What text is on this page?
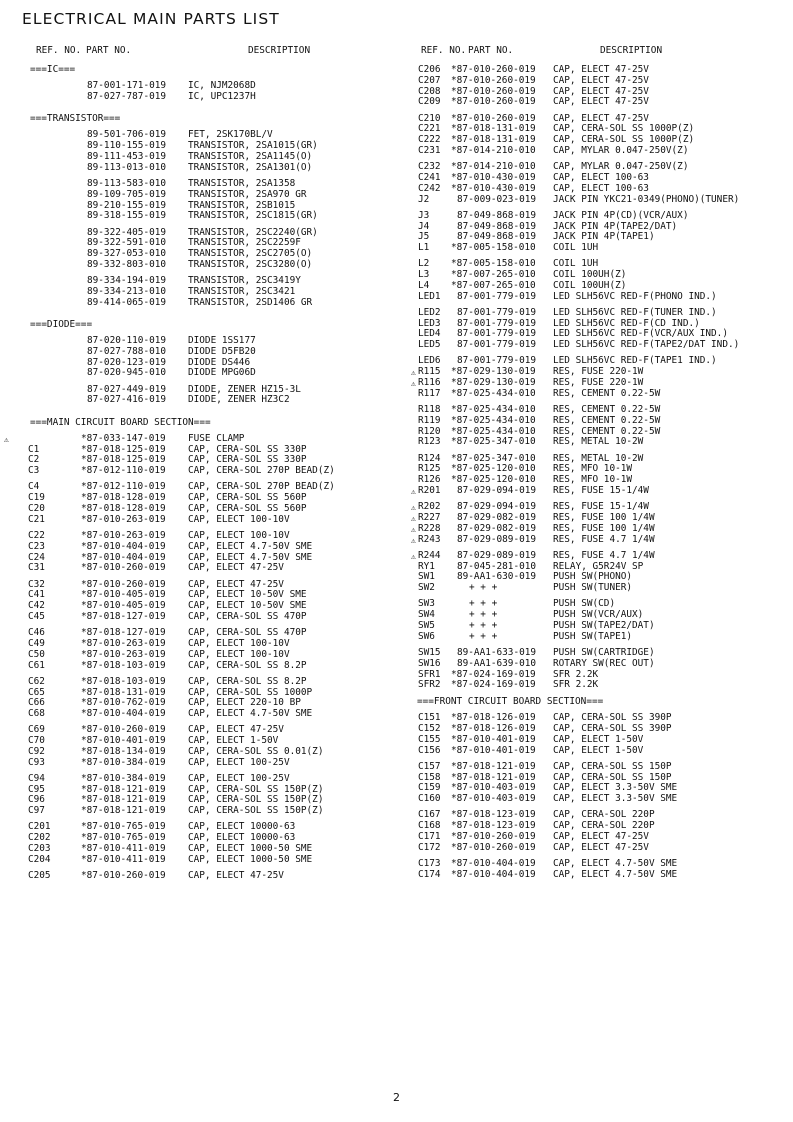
ELECTRICAL MAIN PARTS LIST
REF. NO. PART NO.	DESCRIPTION
===IC===
87-001-171-019 IC, NJM2068D
87-027-787-019 IC, UPC1237H
===TRANSISTOR===
89-501-706-019 FET, 2SK170BL/V
89-110-155-019 TRANSISTOR, 2SA1015(GR)
89-111-453-019 TRANSISTOR, 2SA1145(O)
89-113-013-010 TRANSISTOR, 2SA1301(O)
89-113-583-010 TRANSISTOR, 2SA1358
89-109-705-019 TRANSISTOR, 2SA970 GR
89-210-155-019 TRANSISTOR, 2SB1015
89-318-155-019 TRANSISTOR, 2SC1815(GR)
89-322-405-019 TRANSISTOR, 2SC2240(GR)
89-322-591-010 TRANSISTOR, 2SC2259F
89-327-053-010 TRANSISTOR, 2SC2705(O)
89-332-803-010 TRANSISTOR, 2SC3280(O)
89-334-194-019 TRANSISTOR, 2SC3419Y
89-334-213-010 TRANSISTOR, 2SC3421
89-414-065-019 TRANSISTOR, 2SD1406 GR
===DIODE===
87-020-110-019 DIODE 1SS177
87-027-788-010 DIODE D5FB20
87-020-123-019 DIODE DS446
87-020-945-010 DIODE MPG06D
87-027-449-019 DIODE, ZENER HZ15-3L
87-027-416-019 DIODE, ZENER HZ3C2
===MAIN CIRCUIT BOARD SECTION===
⚠	*87-033-147-019 FUSE CLAMP
C1	*87-018-125-019 CAP, CERA-SOL SS 330P
C2	*87-018-125-019 CAP, CERA-SOL SS 330P
C3	*87-012-110-019 CAP, CERA-SOL 270P BEAD(Z)
C4	*87-012-110-019 CAP, CERA-SOL 270P BEAD(Z)
C19	*87-018-128-019 CAP, CERA-SOL SS 560P
C20	*87-018-128-019 CAP, CERA-SOL SS 560P
C21	*87-010-263-019 CAP, ELECT 100-10V
C22	*87-010-263-019 CAP, ELECT 100-10V
C23	*87-010-404-019 CAP, ELECT 4.7-50V SME
C24	*87-010-404-019 CAP, ELECT 4.7-50V SME
C31	*87-010-260-019 CAP, ELECT 47-25V
C32	*87-010-260-019 CAP, ELECT 47-25V
C41	*87-010-405-019 CAP, ELECT 10-50V SME
C42	*87-010-405-019 CAP, ELECT 10-50V SME
C45	*87-018-127-019 CAP, CERA-SOL SS 470P
C46	*87-018-127-019 CAP, CERA-SOL SS 470P
C49	*87-010-263-019 CAP, ELECT 100-10V
C50	*87-010-263-019 CAP, ELECT 100-10V
C61	*87-018-103-019 CAP, CERA-SOL SS 8.2P
C62	*87-018-103-019 CAP, CERA-SOL SS 8.2P
C65	*87-018-131-019 CAP, CERA-SOL SS 1000P
C66	*87-010-762-019 CAP, ELECT 220-10 BP
C68	*87-010-404-019 CAP, ELECT 4.7-50V SME
C69	*87-010-260-019 CAP, ELECT 47-25V
C70	*87-010-401-019 CAP, ELECT 1-50V
C92	*87-018-134-019 CAP, CERA-SOL SS 0.01(Z)
C93	*87-010-384-019 CAP, ELECT 100-25V
C94	*87-010-384-019 CAP, ELECT 100-25V
C95	*87-018-121-019 CAP, CERA-SOL SS 150P(Z)
C96	*87-018-121-019 CAP, CERA-SOL SS 150P(Z)
C97	*87-018-121-019 CAP, CERA-SOL SS 150P(Z)
C201	*87-010-765-019 CAP, ELECT 10000-63
C202	*87-010-765-019 CAP, ELECT 10000-63
C203	*87-010-411-019 CAP, ELECT 1000-50 SME
C204	*87-010-411-019 CAP, ELECT 1000-50 SME
C205	*87-010-260-019 CAP, ELECT 47-25V
REF. NO. PART NO.	DESCRIPTION
C206 *87-010-260-019 CAP, ELECT 47-25V
C207 *87-010-260-019 CAP, ELECT 47-25V
C208 *87-010-260-019 CAP, ELECT 47-25V
C209 *87-010-260-019 CAP, ELECT 47-25V
C210 *87-010-260-019 CAP, ELECT 47-25V
C221 *87-018-131-019 CAP, CERA-SOL SS 1000P(Z)
C222 *87-018-131-019 CAP, CERA-SOL SS 1000P(Z)
C231 *87-014-210-010 CAP, MYLAR 0.047-250V(Z)
C232 *87-014-210-010 CAP, MYLAR 0.047-250V(Z)
C241 *87-010-430-019 CAP, ELECT 100-63
C242 *87-010-430-019 CAP, ELECT 100-63
J2	87-009-023-019 JACK PIN YKC21-0349(PHONO)(TUNER)
J3	87-049-868-019 JACK PIN 4P(CD)(VCR/AUX)
J4	87-049-868-019 JACK PIN 4P(TAPE2/DAT)
J5	87-049-868-019 JACK PIN 4P(TAPE1)
L1 *87-005-158-010 COIL 1UH
L2 *87-005-158-010 COIL 1UH
L3 *87-007-265-010 COIL 100UH(Z)
L4 *87-007-265-010 COIL 100UH(Z)
LED1 87-001-779-019 LED SLH56VC RED-F(PHONO IND.)
LED2 87-001-779-019 LED SLH56VC RED-F(TUNER IND.)
LED3 87-001-779-019 LED SLH56VC RED-F(CD IND.)
LED4 87-001-779-019 LED SLH56VC RED-F(VCR/AUX IND.)
LED5 87-001-779-019 LED SLH56VC RED-F(TAPE2/DAT IND.)
LED6 87-001-779-019 LED SLH56VC RED-F(TAPE1 IND.)
⚠ R115 *87-029-130-019 RES, FUSE 220-1W
⚠ R116 *87-029-130-019 RES, FUSE 220-1W
R117 *87-025-434-010 RES, CEMENT 0.22-5W
R118 *87-025-434-010 RES, CEMENT 0.22-5W
R119 *87-025-434-010 RES, CEMENT 0.22-5W
R120 *87-025-434-010 RES, CEMENT 0.22-5W
R123 *87-025-347-010 RES, METAL 10-2W
R124 *87-025-347-010 RES, METAL 10-2W
R125 *87-025-120-010 RES, MFO 10-1W
R126 *87-025-120-010 RES, MFO 10-1W
⚠ R201 87-029-094-019 RES, FUSE 15-1/4W
⚠ R202 87-029-094-019 RES, FUSE 15-1/4W
⚠ R227 87-029-082-019 RES, FUSE 100 1/4W
⚠ R228 87-029-082-019 RES, FUSE 100 1/4W
⚠ R243 87-029-089-019 RES, FUSE 4.7 1/4W
⚠ R244 87-029-089-019 RES, FUSE 4.7 1/4W
RY1 87-045-281-010 RELAY, G5R24V SP
SW1 89-AA1-630-019 PUSH SW(PHONO)
SW2	+ + +	PUSH SW(TUNER)
SW3	+ + +	PUSH SW(CD)
SW4	+ + +	PUSH SW(VCR/AUX)
SW5	+ + +	PUSH SW(TAPE2/DAT)
SW6	+ + +	PUSH SW(TAPE1)
SW15 89-AA1-633-019 PUSH SW(CARTRIDGE)
SW16 89-AA1-639-010 ROTARY SW(REC OUT)
SFR1 *87-024-169-019 SFR 2.2K
SFR2 *87-024-169-019 SFR 2.2K
===FRONT CIRCUIT BOARD SECTION===
C151 *87-018-126-019 CAP, CERA-SOL SS 390P
C152 *87-018-126-019 CAP, CERA-SOL SS 390P
C155 *87-010-401-019 CAP, ELECT 1-50V
C156 *87-010-401-019 CAP, ELECT 1-50V
C157 *87-018-121-019 CAP, CERA-SOL SS 150P
C158 *87-018-121-019 CAP, CERA-SOL SS 150P
C159 *87-010-403-019 CAP, ELECT 3.3-50V SME
C160 *87-010-403-019 CAP, ELECT 3.3-50V SME
C167 *87-018-123-019 CAP, CERA-SOL 220P
C168 *87-018-123-019 CAP, CERA-SOL 220P
C171 *87-010-260-019 CAP, ELECT 47-25V
C172 *87-010-260-019 CAP, ELECT 47-25V
C173 *87-010-404-019 CAP, ELECT 4.7-50V SME
C174 *87-010-404-019 CAP, ELECT 4.7-50V SME
2
